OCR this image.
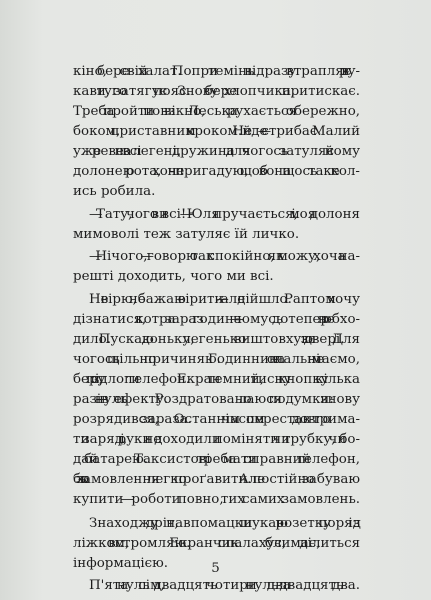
кіно, бере свій халат. Попри темінь відразу втрапляє в ру-
кави, туго затягує пояс. Знову бере хлопчика, притискає.
Треба пройти повз вікно, і Леська рухається обережно,
боком, приставним кроком. Не йде — стрибає. Малий
уже реве на всі легені, дружина для чогось затуляє йому
долонею рота, хоч не пригадую, щоб вона щось таке кол-
ись робила.
— Тату, чого ви всі! — Юля пручається, і моя долоня
мимоволі теж затуляє їй личко.
— Нічого, — говорю так спокійно, як можу, хоча на-
решті доходить, чого ми всі.
Не вірю, не бажаю вірити — але дійшло. Раптом хочу
дізнатися, котра зараз година — чомусь дотепер не обхо-
дило. Пускаю доньку, легенько виштовхую за двері. Для
чогось щільно причиняю. Годинника в спальні не маємо,
беру з підлоги телефон. Екран темний, тисну кнопку кілька
разів — нуль ефекту. Роздратовано лаюся подумки: знову
розрядився, зараза. Останнім часом перестав довго трима-
ти заряд, і руки не доходили поміняти чи трубку, чи бо-
дай батарею. Таксистові треба мати справний телефон,
бо ж замовлення легко проґавити. Але постійно забуваю
купити — роботи повно, тих самих замовлень.
Знаходжу дріт, навпомацки шукаю розетку поряд із
ліжком, встромляю. Екранчик спалахує, блимає, ділиться
інформацією.
П'ята нуль сім, двадцять чотири нуль два двадцять два.
5
